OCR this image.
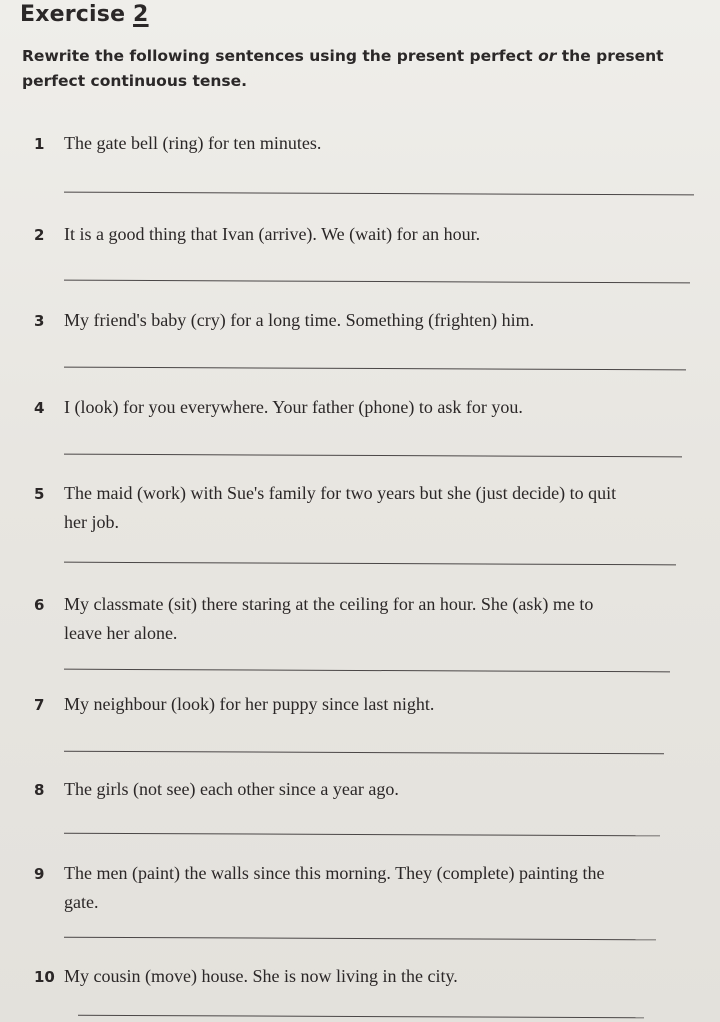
Exercise 2
Rewrite the following sentences using the present perfect or the present perfect continuous tense.
1 The gate bell (ring) for ten minutes.
2 It is a good thing that Ivan (arrive). We (wait) for an hour.
3 My friend's baby (cry) for a long time. Something (frighten) him.
4 I (look) for you everywhere. Your father (phone) to ask for you.
5 The maid (work) with Sue's family for two years but she (just decide) to quit
her job.
6 My classmate (sit) there staring at the ceiling for an hour. She (ask) me to
leave her alone.
7 My neighbour (look) for her puppy since last night.
8 The girls (not see) each other since a year ago.
9 The men (paint) the walls since this morning. They (complete) painting the
gate.
10 My cousin (move) house. She is now living in the city.
